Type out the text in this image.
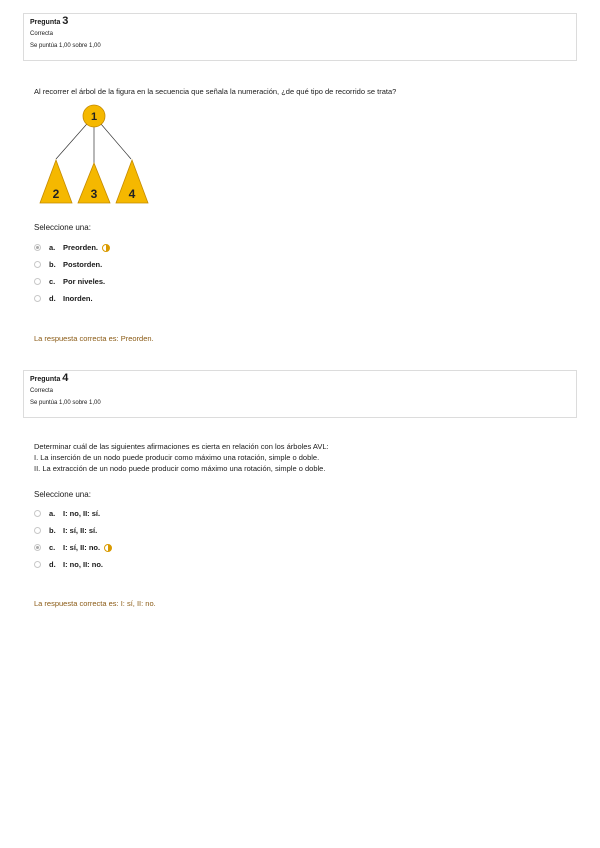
Pregunta 3
Correcta
Se puntúa 1,00 sobre 1,00
Al recorrer el árbol de la figura en la secuencia que señala la numeración, ¿de qué tipo de recorrido se trata?
1
2	3	4
Seleccione una:
a.	Preorden.
b. Postorden.
c.	Por niveles.
d. Inorden.
La respuesta correcta es: Preorden.
Pregunta 4
Correcta
Se puntúa 1,00 sobre 1,00
Determinar cuál de las siguientes afirmaciones es cierta en relación con los árboles AVL:
I. La inserción de un nodo puede producir como máximo una rotación, simple o doble.
II. La extracción de un nodo puede producir como máximo una rotación, simple o doble.
Seleccione una:
a.	I: no, II: sí.
b. I: sí, II: sí.
c.	I: sí, II: no.
d. I: no, II: no.
La respuesta correcta es: I: sí, II: no.
